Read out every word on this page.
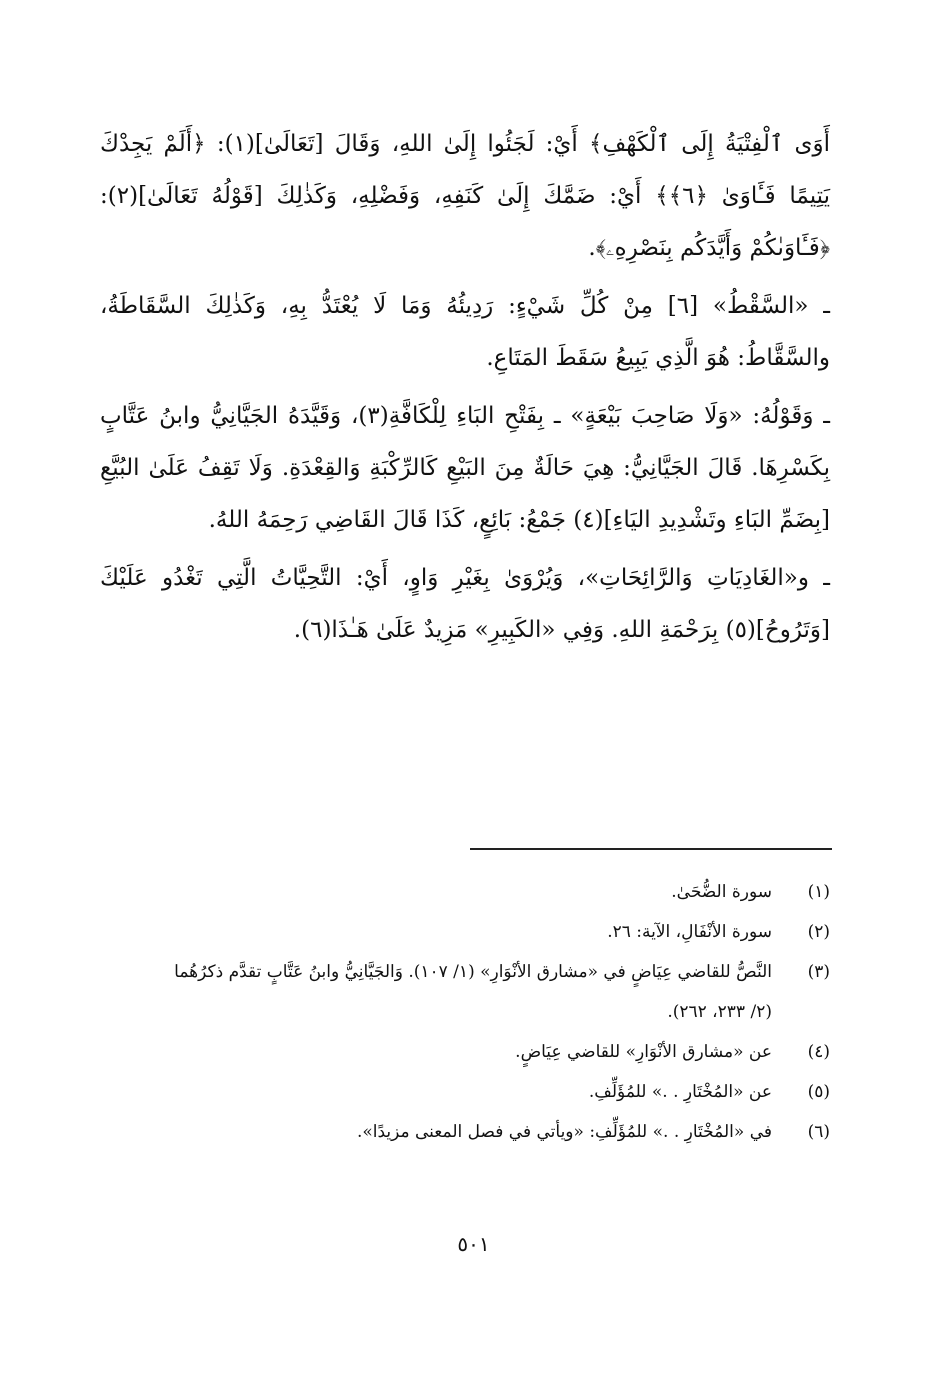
أَوَى ٱلْفِتْيَةُ إِلَى ٱلْكَهْفِ﴾ أَيْ: لَجَئُوا إِلَىٰ اللهِ، وَقَالَ [تَعَالَىٰ](١): ﴿أَلَمْ يَجِدْكَ يَتِيمًا فَـَٔاوَىٰ ﴿٦﴾﴾ أَيْ: ضَمَّكَ إِلَىٰ كَنَفِهِ، وَفَضْلِهِ، وَكَذٰلِكَ [قَوْلُهُ تَعَالَىٰ](٢): ﴿فَـَٔاوَىٰكُمْ وَأَيَّدَكُم بِنَصْرِهِۦ﴾.

ـ «السَّقْطُ» [٦] مِنْ كُلِّ شَيْءٍ: رَدِيئُهُ وَمَا لَا يُعْتَدُّ بِهِ، وَكَذٰلِكَ السَّقَاطَةُ، والسَّقَّاطُ: هُوَ الَّذِي يَبِيعُ سَقَطَ المَتَاعِ.

ـ وَقَوْلُهُ: «وَلَا صَاحِبَ بَيْعَةٍ» ـ بِفَتْحِ البَاءِ لِلْكَافَّةِ(٣)، وَقَيَّدَهُ الجَيَّانِيُّ وابنُ عَتَّابٍ بِكَسْرِهَا. قَالَ الجَيَّانِيُّ: هِيَ حَالَةٌ مِنَ البَيْعِ كَالرِّكْبَةِ وَالقِعْدَةِ. وَلَا تَقِفُ عَلَىٰ البُيَّعِ [بِضَمِّ البَاءِ وتَشْدِيدِ اليَاءِ](٤) جَمْعُ: بَائِعٍ، كَذَا قَالَ القَاضِي رَحِمَهُ اللهُ.

ـ و«الغَادِيَاتِ وَالرَّائِحَاتِ»، وَيُرْوَىٰ بِغَيْرِ وَاوٍ، أَيْ: التَّحِيَّاتُ الَّتِي تَغْدُو عَلَيْكَ [وَتَرُوحُ](٥) بِرَحْمَةِ اللهِ. وَفِي «الكَبِيرِ» مَزِيدٌ عَلَىٰ هَـٰذَا(٦).

(١)
سورة الضُّحَىٰ.
(٢)
سورة الأنْفَالِ، الآية: ٢٦.
(٣)
النَّصُّ للقاضي عِيَاضٍ في «مشارق الأنْوَارِ» (١/ ١٠٧). وَالجَيَّانِيُّ وابنُ عَتَّابٍ تقدَّم ذكرُهُما
(٢/ ٢٣٣، ٢٦٢).
(٤)
عن «مشارق الأنْوَارِ» للقاضي عِيَاضٍ.
(٥)
عن «المُخْتَارِ . .» للمُؤَلِّفِ.
(٦)
في «المُخْتَارِ . .» للمُؤَلِّفِ: «ويأتي في فصل المعنى مزيدًا».
٥٠١
